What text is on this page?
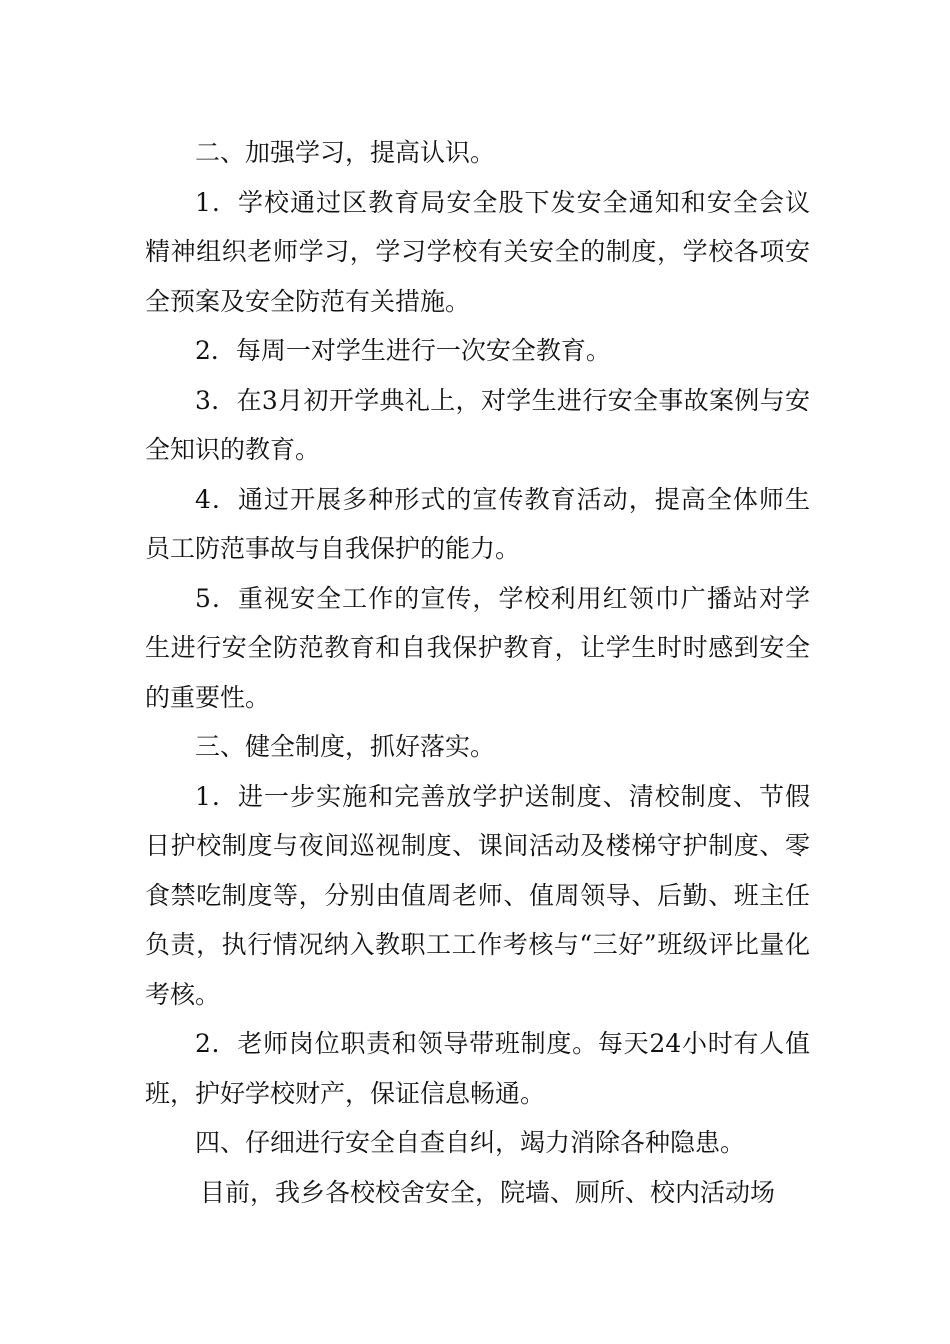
二、加强学习，提高认识。

1．学校通过区教育局安全股下发安全通知和安全会议精神组织老师学习，学习学校有关安全的制度，学校各项安全预案及安全防范有关措施。

2．每周一对学生进行一次安全教育。

3．在3月初开学典礼上，对学生进行安全事故案例与安全知识的教育。

4．通过开展多种形式的宣传教育活动，提高全体师生员工防范事故与自我保护的能力。

5．重视安全工作的宣传，学校利用红领巾广播站对学生进行安全防范教育和自我保护教育，让学生时时感到安全的重要性。

三、健全制度，抓好落实。

1．进一步实施和完善放学护送制度、清校制度、节假日护校制度与夜间巡视制度、课间活动及楼梯守护制度、零食禁吃制度等，分别由值周老师、值周领导、后勤、班主任负责，执行情况纳入教职工工作考核与“三好”班级评比量化考核。

2．老师岗位职责和领导带班制度。每天24小时有人值班，护好学校财产，保证信息畅通。

四、仔细进行安全自查自纠，竭力消除各种隐患。

目前，我乡各校校舍安全，院墙、厕所、校内活动场
